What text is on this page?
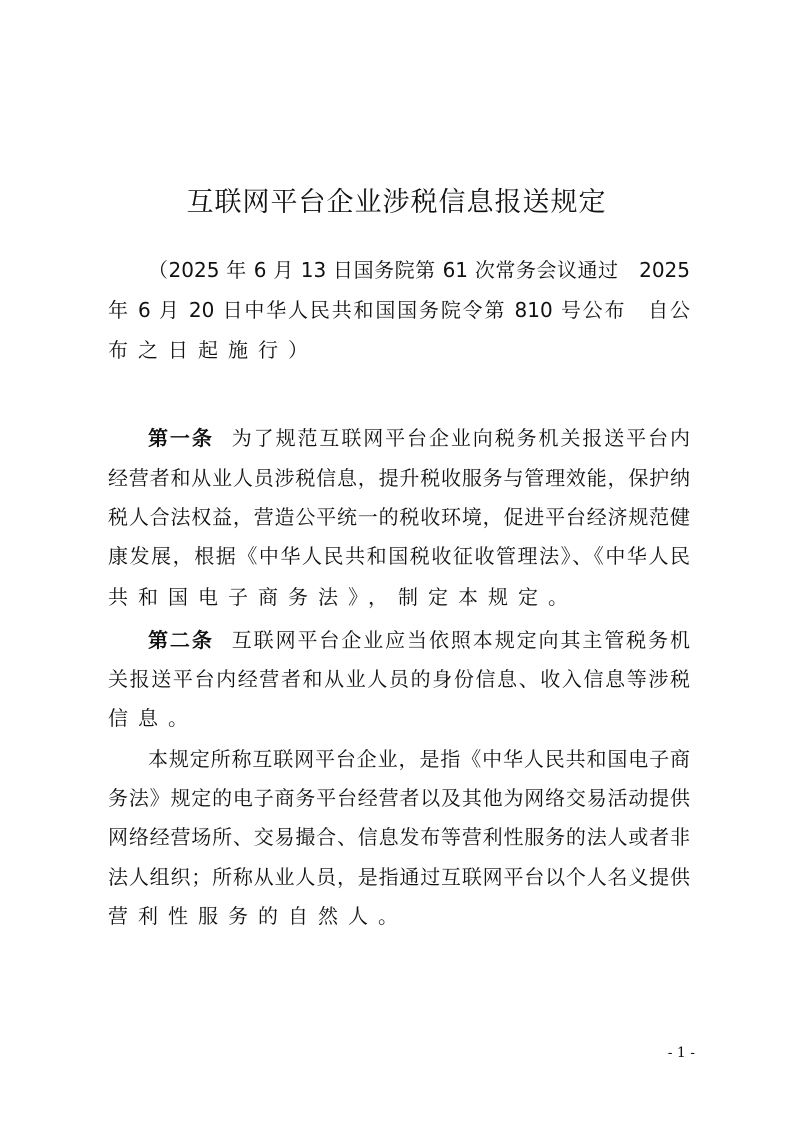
互联网平台企业涉税信息报送规定
（2025 年 6 月 13 日国务院第 61 次常务会议通过　2025
年 6 月 20 日中华人民共和国国务院令第 810 号公布　自公
布之日起施行）
第一条 为了规范互联网平台企业向税务机关报送平台内
经营者和从业人员涉税信息，提升税收服务与管理效能，保护纳
税人合法权益，营造公平统一的税收环境，促进平台经济规范健
康发展，根据《中华人民共和国税收征收管理法》、《中华人民
共和国电子商务法》，制定本规定。
第二条 互联网平台企业应当依照本规定向其主管税务机
关报送平台内经营者和从业人员的身份信息、收入信息等涉税
信息。
本规定所称互联网平台企业，是指《中华人民共和国电子商
务法》规定的电子商务平台经营者以及其他为网络交易活动提供
网络经营场所、交易撮合、信息发布等营利性服务的法人或者非
法人组织；所称从业人员，是指通过互联网平台以个人名义提供
营利性服务的自然人。
- 1 -
